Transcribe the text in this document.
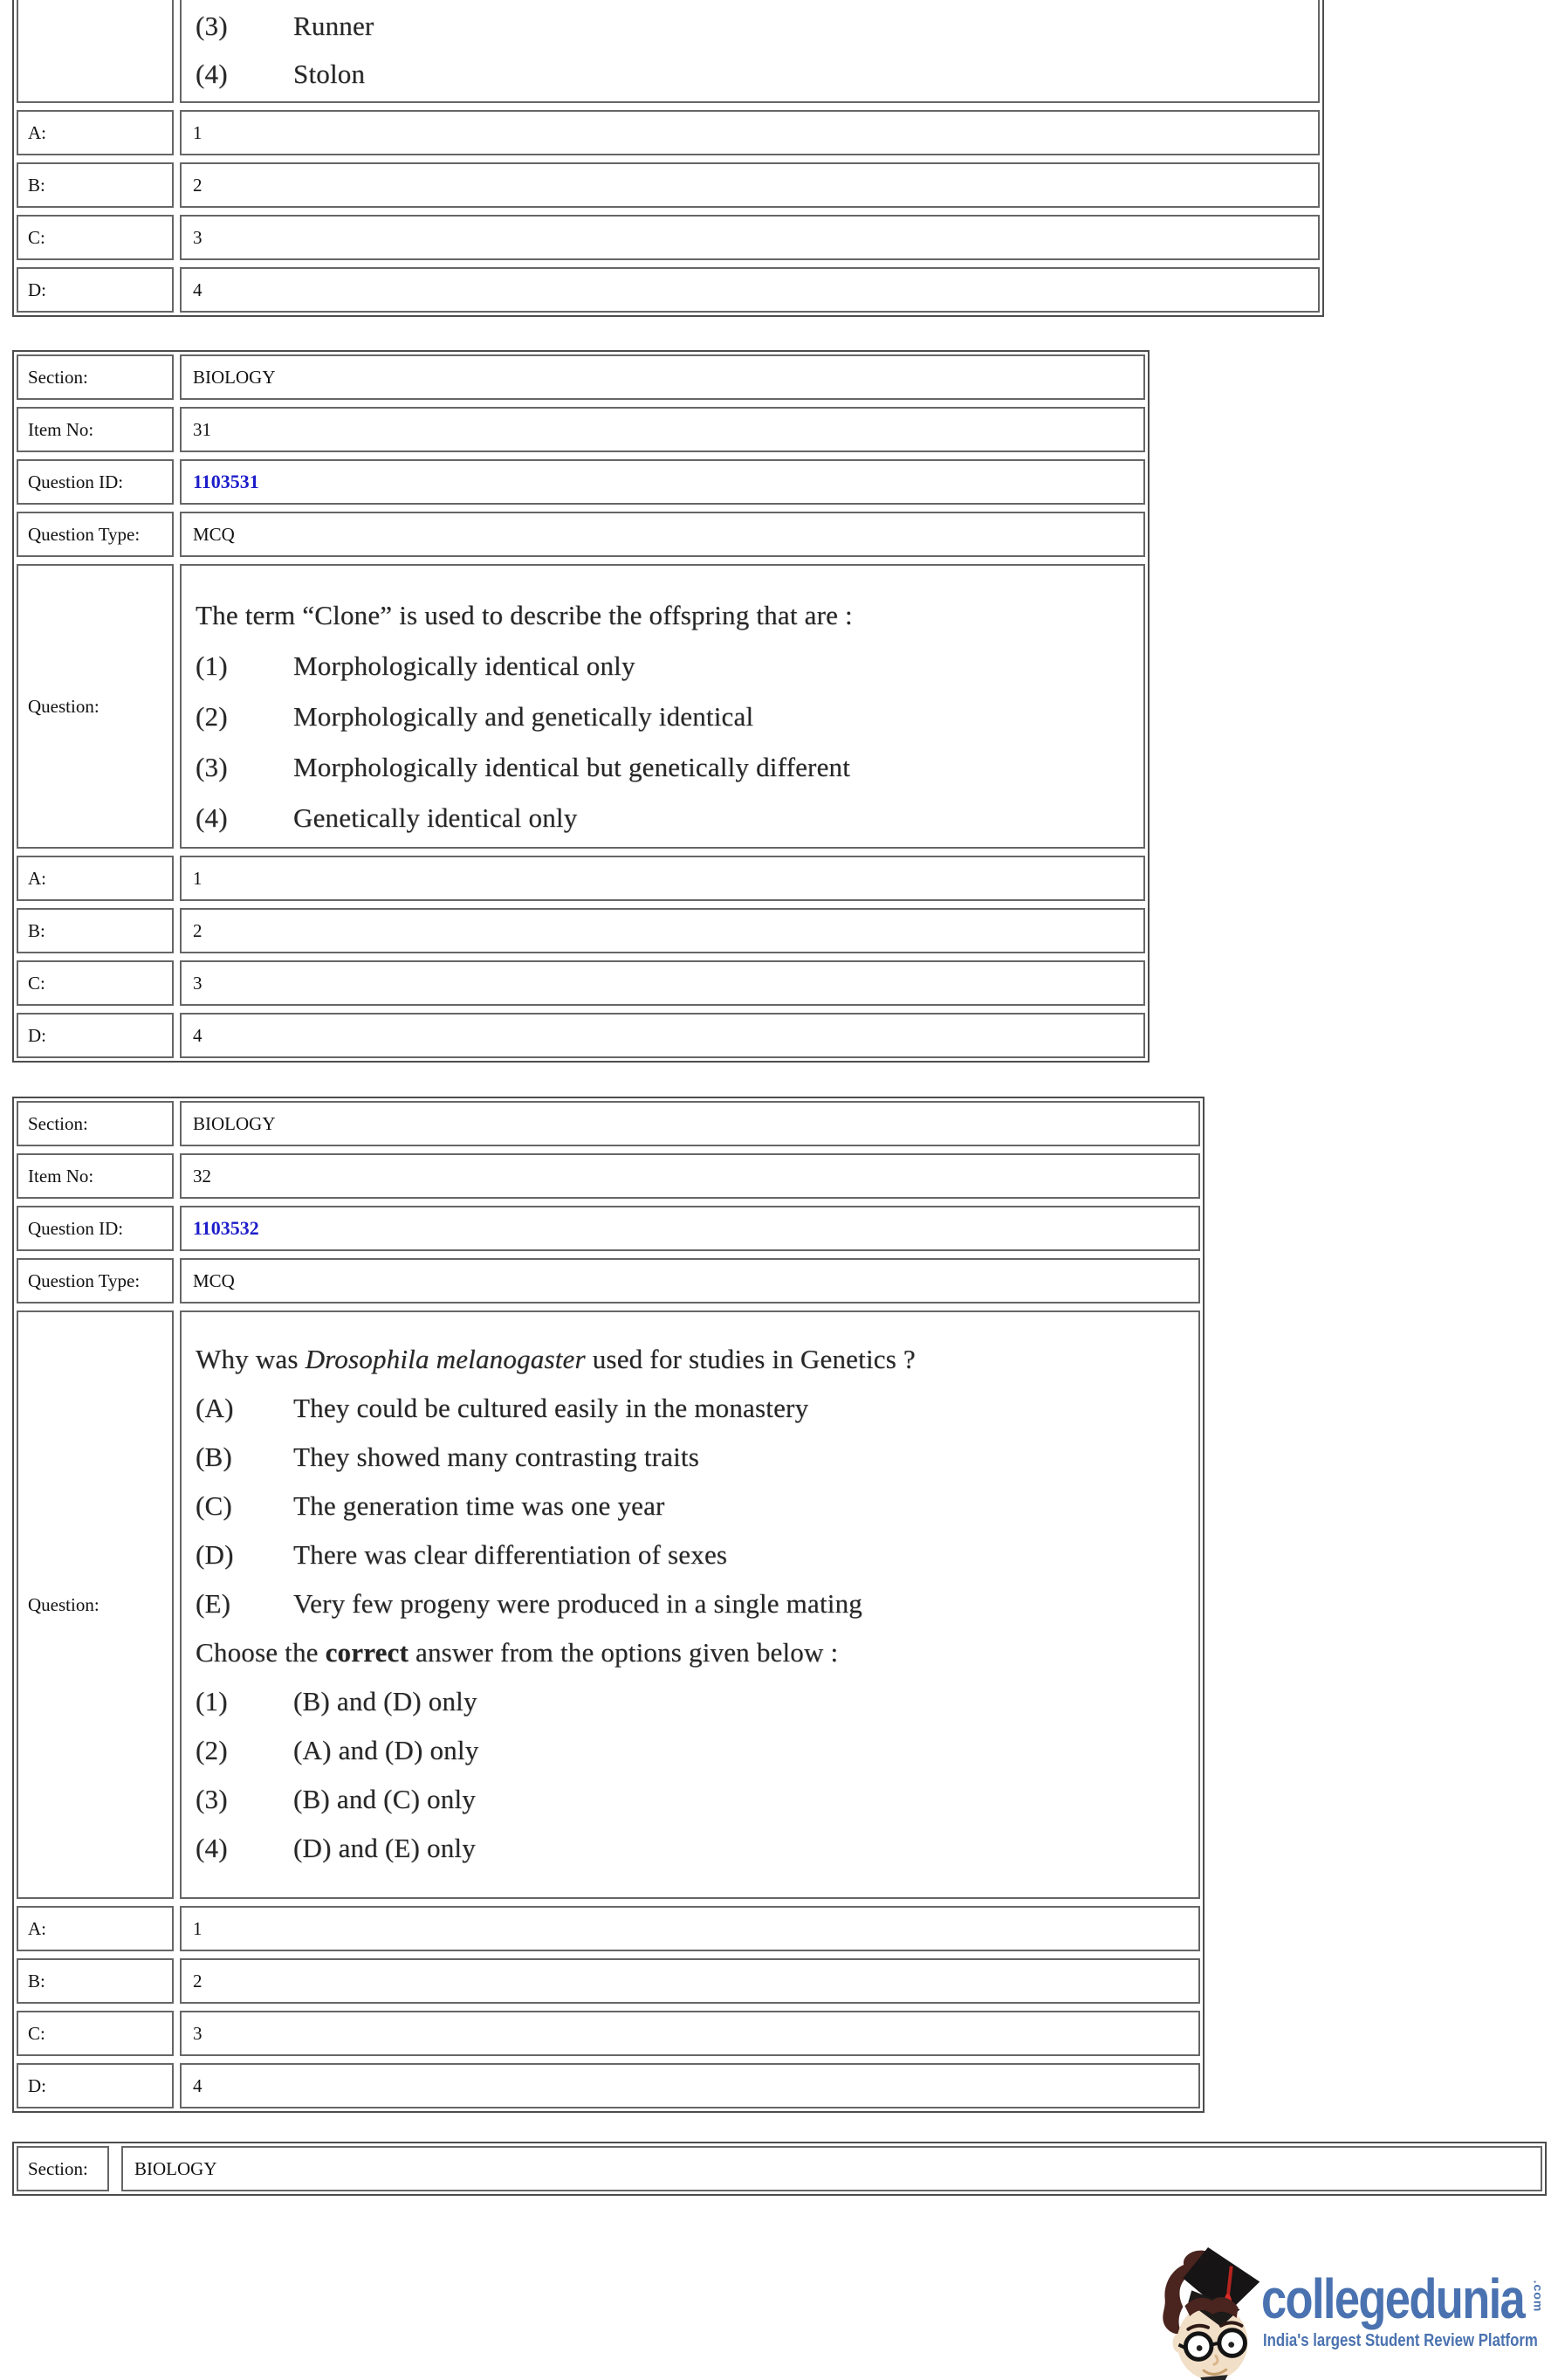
(3)	Runner
(4)	Stolon
A:	1
B:	2
C:	3
D:	4
Section:	BIOLOGY
Item No:	31
Question ID:	1103531
Question Type:	MCQ
Question:
The term “Clone” is used to describe the offspring that are :
(1)	Morphologically identical only
(2)	Morphologically and genetically identical
(3)	Morphologically identical but genetically different
(4)	Genetically identical only
A:	1
B:	2
C:	3
D:	4
Section:	BIOLOGY
Item No:	32
Question ID:	1103532
Question Type:	MCQ
Question:
Why was Drosophila melanogaster used for studies in Genetics ?
(A)	They could be cultured easily in the monastery
(B)	They showed many contrasting traits
(C)	The generation time was one year
(D)	There was clear differentiation of sexes
(E)	Very few progeny were produced in a single mating
Choose the correct answer from the options given below :
(1)	(B) and (D) only
(2)	(A) and (D) only
(3)	(B) and (C) only
(4)	(D) and (E) only
A:	1
B:	2
C:	3
D:	4
Section:	BIOLOGY
collegedunia .com
India's largest Student Review Platform
